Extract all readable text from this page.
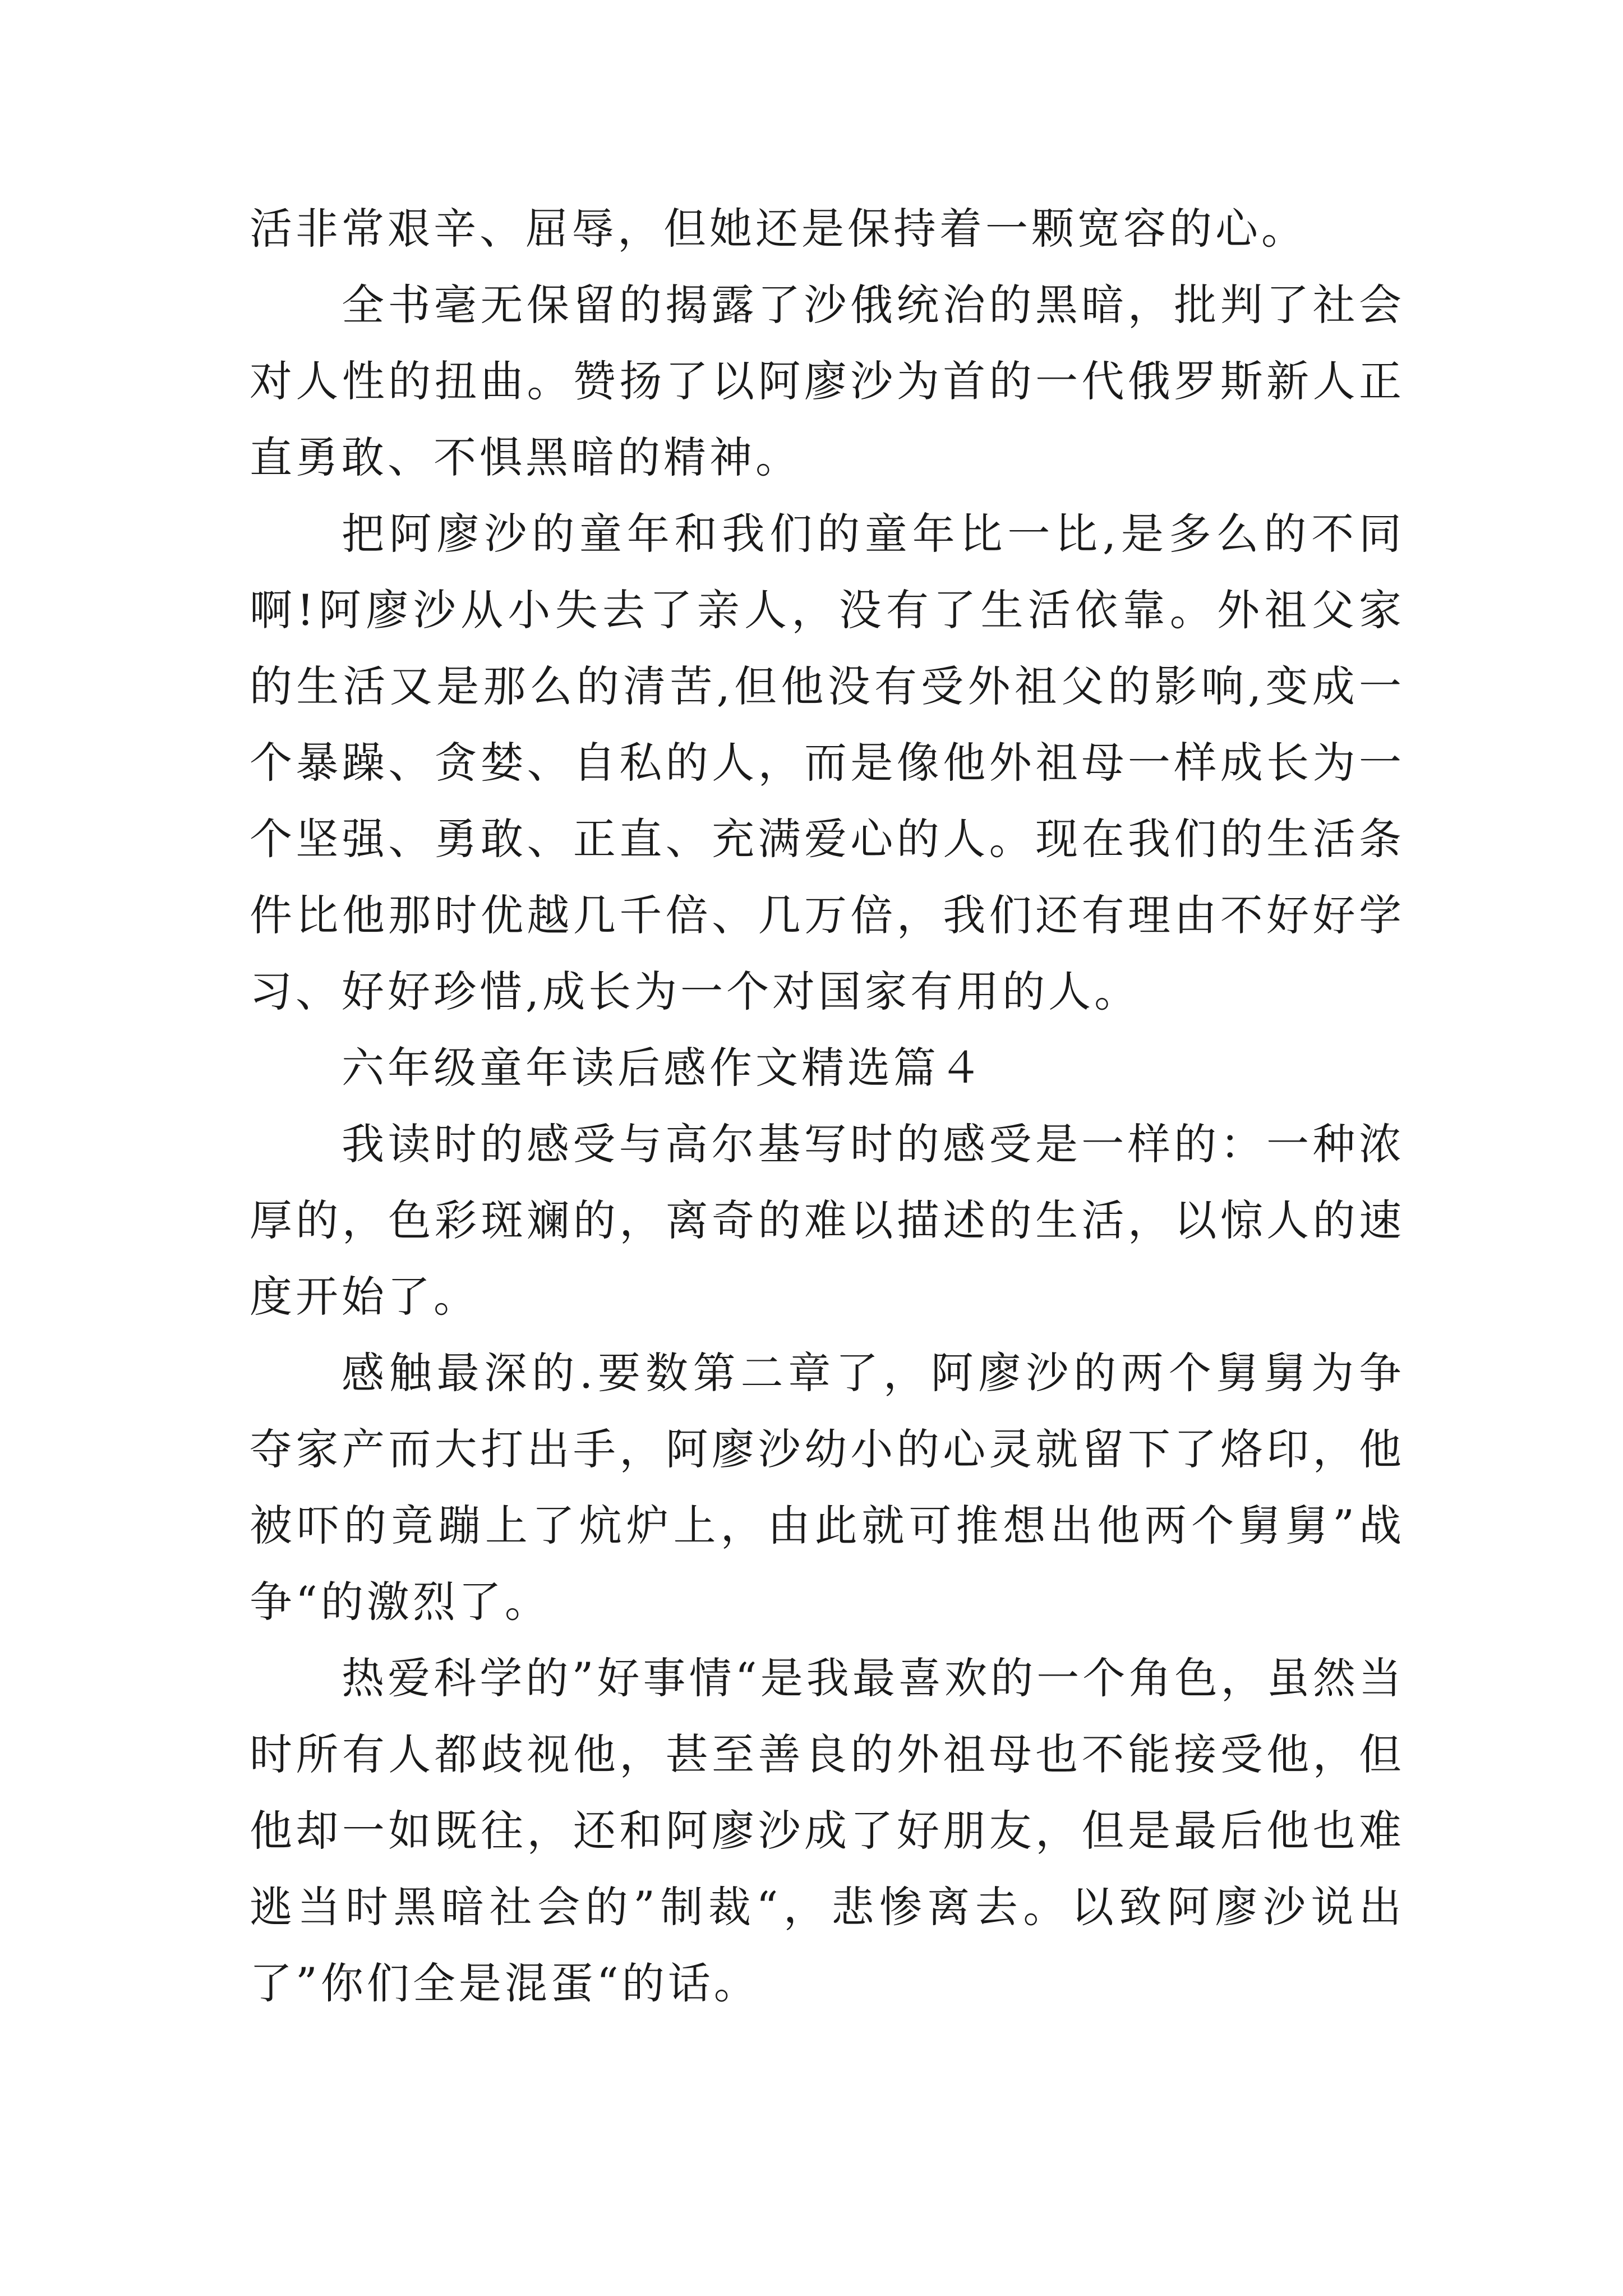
活非常艰辛、屈辱，但她还是保持着一颗宽容的心。

全书毫无保留的揭露了沙俄统治的黑暗，批判了社会对人性的扭曲。赞扬了以阿廖沙为首的一代俄罗斯新人正直勇敢、不惧黑暗的精神。

把阿廖沙的童年和我们的童年比一比,是多么的不同啊!阿廖沙从小失去了亲人，没有了生活依靠。外祖父家的生活又是那么的清苦,但他没有受外祖父的影响,变成一个暴躁、贪婪、自私的人，而是像他外祖母一样成长为一个坚强、勇敢、正直、充满爱心的人。现在我们的生活条件比他那时优越几千倍、几万倍，我们还有理由不好好学习、好好珍惜,成长为一个对国家有用的人。

六年级童年读后感作文精选篇４

我读时的感受与高尔基写时的感受是一样的：一种浓厚的，色彩斑斓的，离奇的难以描述的生活，以惊人的速度开始了。

感触最深的.要数第二章了，阿廖沙的两个舅舅为争夺家产而大打出手，阿廖沙幼小的心灵就留下了烙印，他被吓的竟蹦上了炕炉上，由此就可推想出他两个舅舅”战争“的激烈了。

热爱科学的”好事情“是我最喜欢的一个角色，虽然当时所有人都歧视他，甚至善良的外祖母也不能接受他，但他却一如既往，还和阿廖沙成了好朋友，但是最后他也难逃当时黑暗社会的”制裁“，悲惨离去。以致阿廖沙说出了”你们全是混蛋“的话。
